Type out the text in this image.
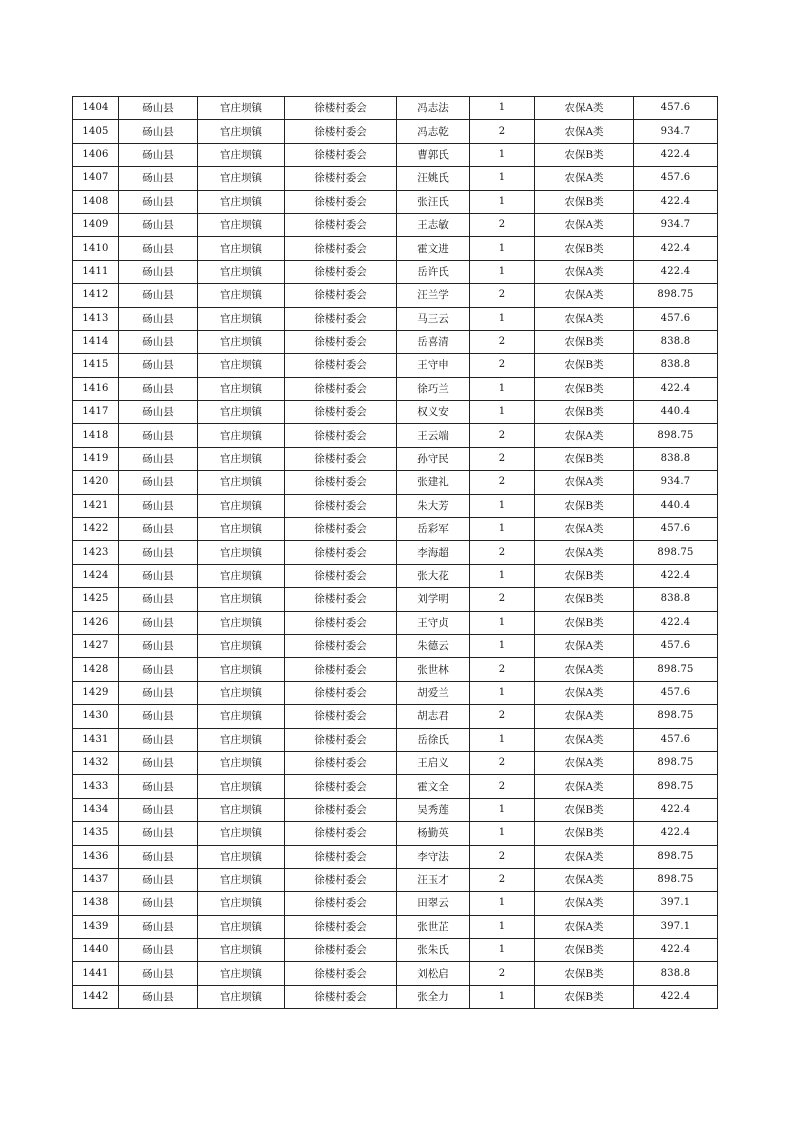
1404	砀山县	官庄坝镇	徐楼村委会	冯志法	1	农保A类	457.6
1405	砀山县	官庄坝镇	徐楼村委会	冯志乾	2	农保A类	934.7
1406	砀山县	官庄坝镇	徐楼村委会	曹郭氏	1	农保B类	422.4
1407	砀山县	官庄坝镇	徐楼村委会	汪姚氏	1	农保A类	457.6
1408	砀山县	官庄坝镇	徐楼村委会	张汪氏	1	农保B类	422.4
1409	砀山县	官庄坝镇	徐楼村委会	王志敏	2	农保A类	934.7
1410	砀山县	官庄坝镇	徐楼村委会	霍文进	1	农保B类	422.4
1411	砀山县	官庄坝镇	徐楼村委会	岳许氏	1	农保A类	422.4
1412	砀山县	官庄坝镇	徐楼村委会	汪兰学	2	农保A类	898.75
1413	砀山县	官庄坝镇	徐楼村委会	马三云	1	农保A类	457.6
1414	砀山县	官庄坝镇	徐楼村委会	岳喜清	2	农保B类	838.8
1415	砀山县	官庄坝镇	徐楼村委会	王守申	2	农保B类	838.8
1416	砀山县	官庄坝镇	徐楼村委会	徐巧兰	1	农保B类	422.4
1417	砀山县	官庄坝镇	徐楼村委会	权义安	1	农保B类	440.4
1418	砀山县	官庄坝镇	徐楼村委会	王云端	2	农保A类	898.75
1419	砀山县	官庄坝镇	徐楼村委会	孙守民	2	农保B类	838.8
1420	砀山县	官庄坝镇	徐楼村委会	张建礼	2	农保A类	934.7
1421	砀山县	官庄坝镇	徐楼村委会	朱大芳	1	农保B类	440.4
1422	砀山县	官庄坝镇	徐楼村委会	岳彩军	1	农保A类	457.6
1423	砀山县	官庄坝镇	徐楼村委会	李海超	2	农保A类	898.75
1424	砀山县	官庄坝镇	徐楼村委会	张大花	1	农保B类	422.4
1425	砀山县	官庄坝镇	徐楼村委会	刘学明	2	农保B类	838.8
1426	砀山县	官庄坝镇	徐楼村委会	王守贞	1	农保B类	422.4
1427	砀山县	官庄坝镇	徐楼村委会	朱德云	1	农保A类	457.6
1428	砀山县	官庄坝镇	徐楼村委会	张世林	2	农保A类	898.75
1429	砀山县	官庄坝镇	徐楼村委会	胡爱兰	1	农保A类	457.6
1430	砀山县	官庄坝镇	徐楼村委会	胡志君	2	农保A类	898.75
1431	砀山县	官庄坝镇	徐楼村委会	岳徐氏	1	农保A类	457.6
1432	砀山县	官庄坝镇	徐楼村委会	王启义	2	农保A类	898.75
1433	砀山县	官庄坝镇	徐楼村委会	霍文全	2	农保A类	898.75
1434	砀山县	官庄坝镇	徐楼村委会	吴秀莲	1	农保B类	422.4
1435	砀山县	官庄坝镇	徐楼村委会	杨勤英	1	农保B类	422.4
1436	砀山县	官庄坝镇	徐楼村委会	李守法	2	农保A类	898.75
1437	砀山县	官庄坝镇	徐楼村委会	汪玉才	2	农保A类	898.75
1438	砀山县	官庄坝镇	徐楼村委会	田翠云	1	农保A类	397.1
1439	砀山县	官庄坝镇	徐楼村委会	张世芷	1	农保A类	397.1
1440	砀山县	官庄坝镇	徐楼村委会	张朱氏	1	农保B类	422.4
1441	砀山县	官庄坝镇	徐楼村委会	刘松启	2	农保B类	838.8
1442	砀山县	官庄坝镇	徐楼村委会	张全力	1	农保B类	422.4
